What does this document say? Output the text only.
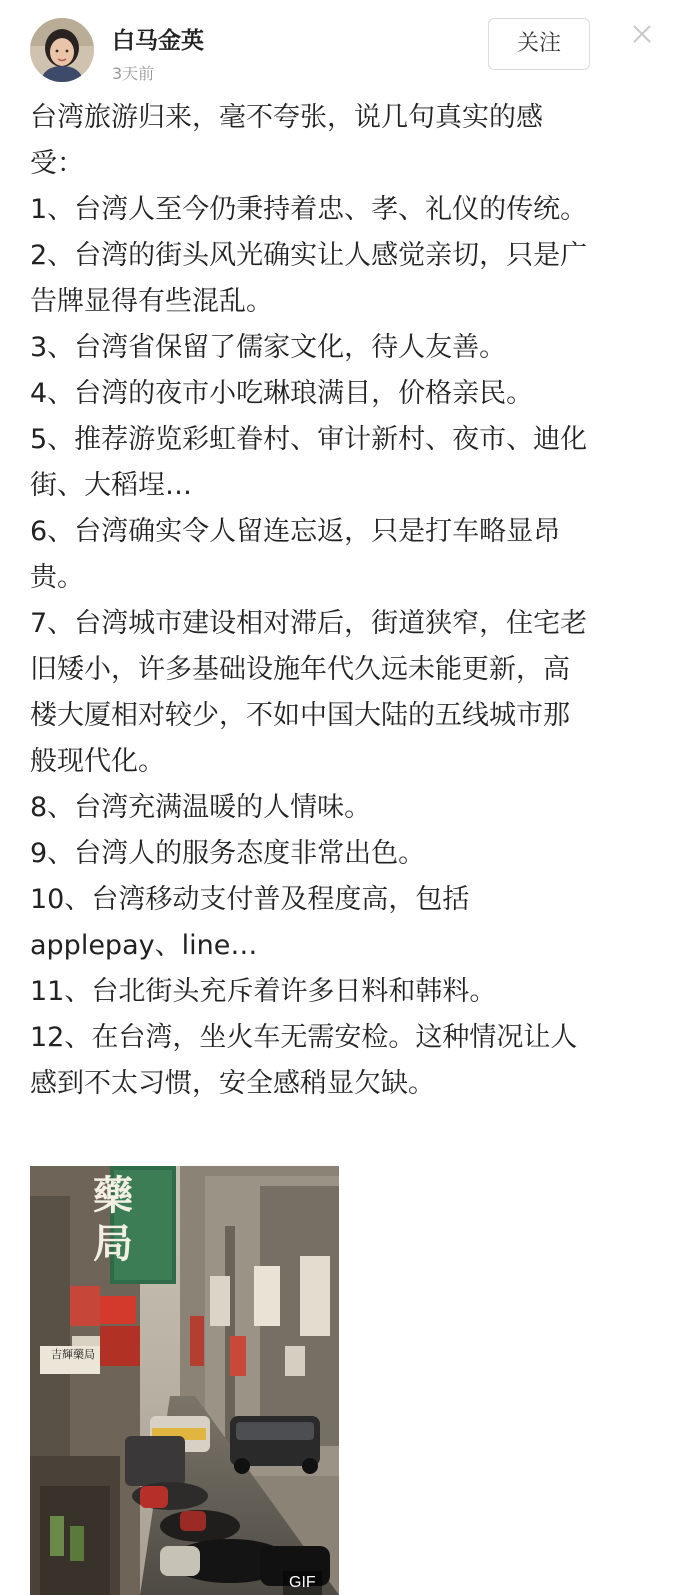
白马金英
3天前
关注
台湾旅游归来，毫不夸张，说几句真实的感
受：
1、台湾人至今仍秉持着忠、孝、礼仪的传统。
2、台湾的街头风光确实让人感觉亲切，只是广
告牌显得有些混乱。
3、台湾省保留了儒家文化，待人友善。
4、台湾的夜市小吃琳琅满目，价格亲民。
5、推荐游览彩虹眷村、审计新村、夜市、迪化
街、大稻埕…
6、台湾确实令人留连忘返，只是打车略显昂
贵。
7、台湾城市建设相对滞后，街道狭窄，住宅老
旧矮小，许多基础设施年代久远未能更新，高
楼大厦相对较少，不如中国大陆的五线城市那
般现代化。
8、台湾充满温暖的人情味。
9、台湾人的服务态度非常出色。
10、台湾移动支付普及程度高，包括
applepay、line…
11、台北街头充斥着许多日料和韩料。
12、在台湾，坐火车无需安检。这种情况让人
感到不太习惯，安全感稍显欠缺。
藥局
吉輝藥局
GIF
